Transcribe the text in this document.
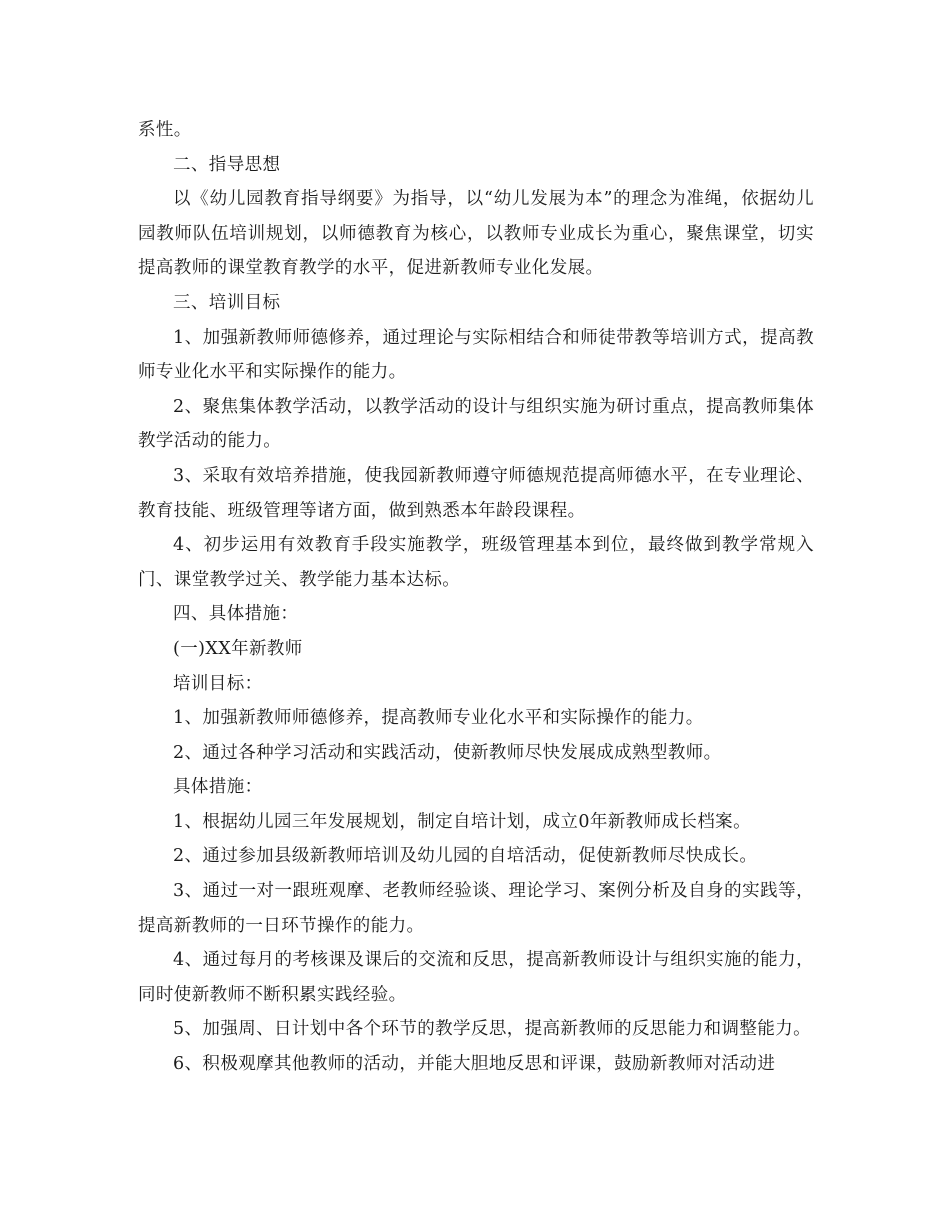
系性。

二、指导思想

以《幼儿园教育指导纲要》为指导，以“幼儿发展为本”的理念为准绳，依据幼儿园教师队伍培训规划，以师德教育为核心，以教师专业成长为重心，聚焦课堂，切实提高教师的课堂教育教学的水平，促进新教师专业化发展。

三、培训目标

1、加强新教师师德修养，通过理论与实际相结合和师徒带教等培训方式，提高教师专业化水平和实际操作的能力。

2、聚焦集体教学活动，以教学活动的设计与组织实施为研讨重点，提高教师集体教学活动的能力。

3、采取有效培养措施，使我园新教师遵守师德规范提高师德水平，在专业理论、教育技能、班级管理等诸方面，做到熟悉本年龄段课程。

4、初步运用有效教育手段实施教学，班级管理基本到位，最终做到教学常规入门、课堂教学过关、教学能力基本达标。

四、具体措施：

(一)XX年新教师

培训目标：

1、加强新教师师德修养，提高教师专业化水平和实际操作的能力。

2、通过各种学习活动和实践活动，使新教师尽快发展成成熟型教师。

具体措施：

1、根据幼儿园三年发展规划，制定自培计划，成立0年新教师成长档案。

2、通过参加县级新教师培训及幼儿园的自培活动，促使新教师尽快成长。

3、通过一对一跟班观摩、老教师经验谈、理论学习、案例分析及自身的实践等，提高新教师的一日环节操作的能力。

4、通过每月的考核课及课后的交流和反思，提高新教师设计与组织实施的能力，同时使新教师不断积累实践经验。

5、加强周、日计划中各个环节的教学反思，提高新教师的反思能力和调整能力。

6、积极观摩其他教师的活动，并能大胆地反思和评课，鼓励新教师对活动进
